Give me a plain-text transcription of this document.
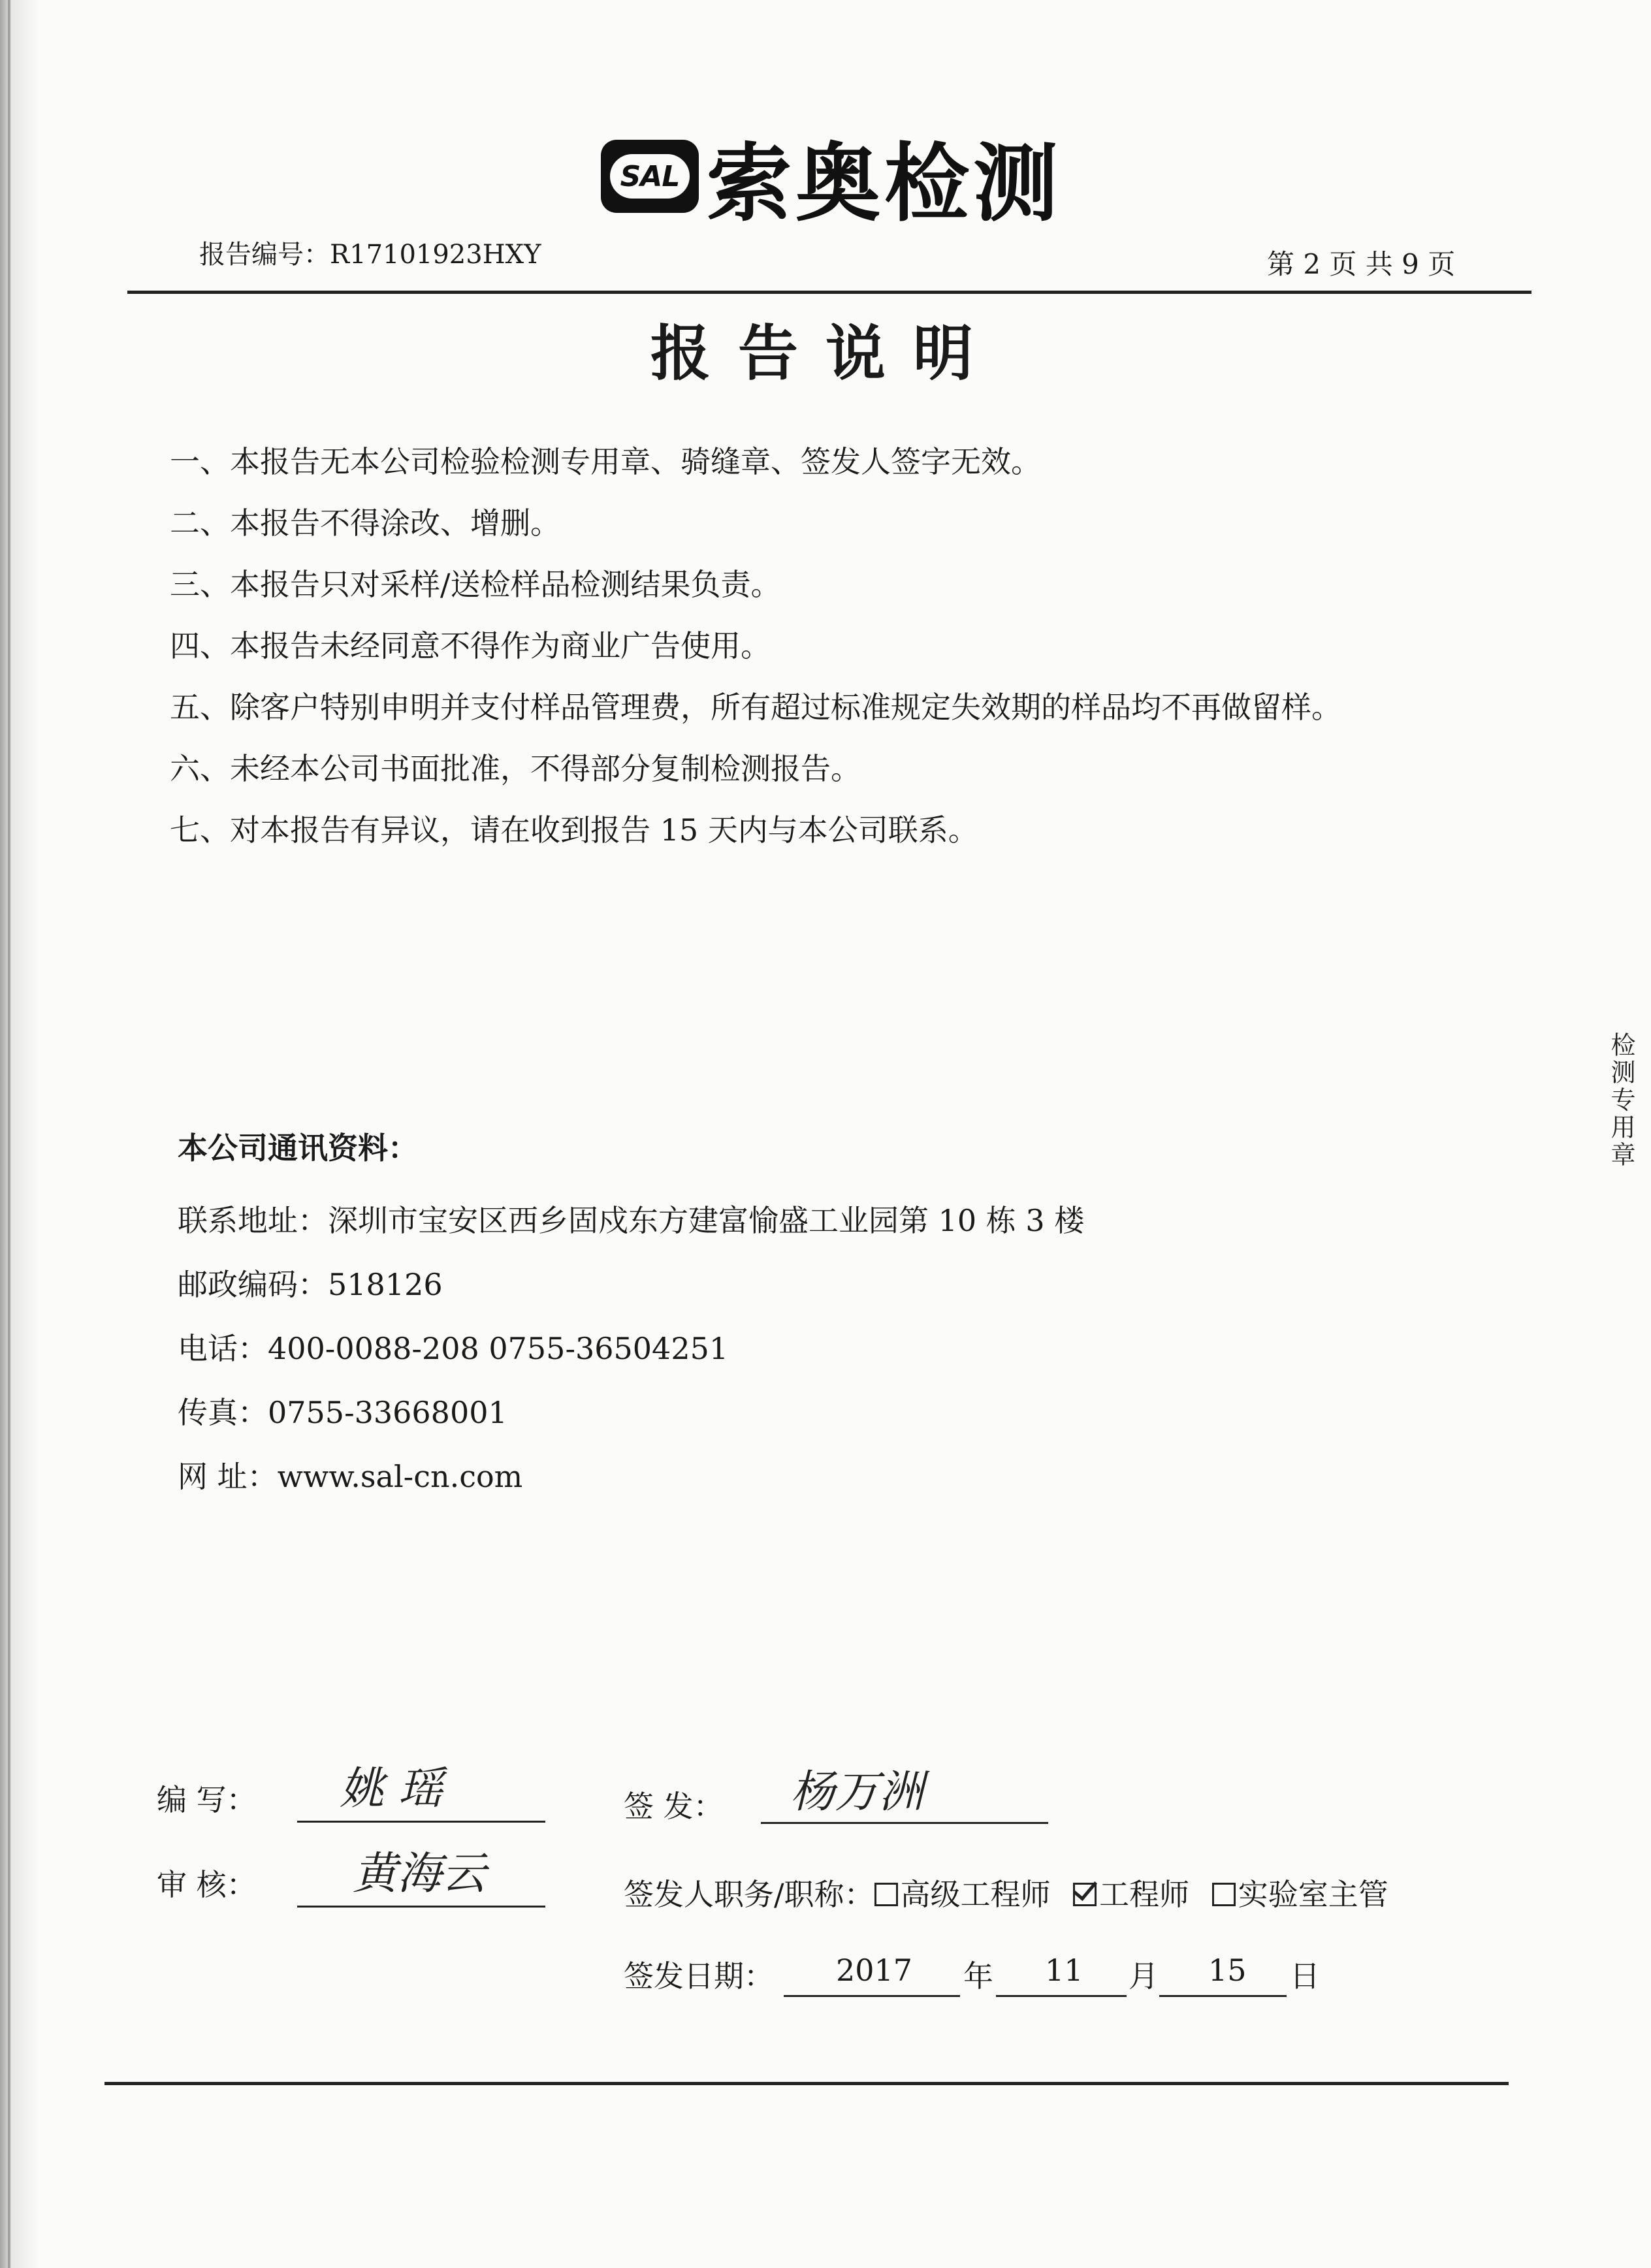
SAL 索奥检测
报告编号：R17101923HXY	第 2 页 共 9 页
报告说明
一、本报告无本公司检验检测专用章、骑缝章、签发人签字无效。
二、本报告不得涂改、增删。
三、本报告只对采样/送检样品检测结果负责。
四、本报告未经同意不得作为商业广告使用。
五、除客户特别申明并支付样品管理费，所有超过标准规定失效期的样品均不再做留样。
六、未经本公司书面批准，不得部分复制检测报告。
七、对本报告有异议，请在收到报告 15 天内与本公司联系。
本公司通讯资料：
联系地址：深圳市宝安区西乡固戍东方建富愉盛工业园第 10 栋 3 楼
邮政编码：518126
电话：400-0088-208 0755-36504251
传真：0755-33668001
网 址：www.sal-cn.com
编 写： 姚 瑶
审 核： 黄海云
签 发： 杨万洲
签发人职务/职称： 高级工程师 工程师 实验室主管
签发日期： 2017 年 11 月 15 日
检测专用章
